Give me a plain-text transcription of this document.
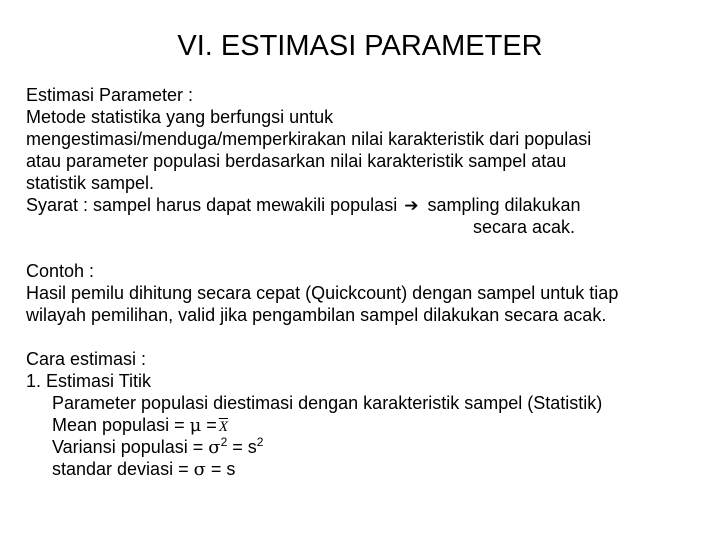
VI. ESTIMASI PARAMETER
Estimasi Parameter :
Metode statistika yang berfungsi untuk
mengestimasi/menduga/memperkirakan nilai karakteristik dari populasi
atau parameter populasi berdasarkan nilai karakteristik sampel atau
statistik sampel.
Syarat : sampel harus dapat mewakili populasi ➔ sampling dilakukan
secara acak.
Contoh :
Hasil pemilu dihitung secara cepat (Quickcount) dengan sampel untuk tiap
wilayah pemilihan, valid jika pengambilan sampel dilakukan secara acak.
Cara estimasi :
1. Estimasi Titik
Parameter populasi diestimasi dengan karakteristik sampel (Statistik)
Mean populasi = $\mu = \overline{X}$
Variansi populasi = $\sigma^2 = s^2$
standar deviasi = σ = s
